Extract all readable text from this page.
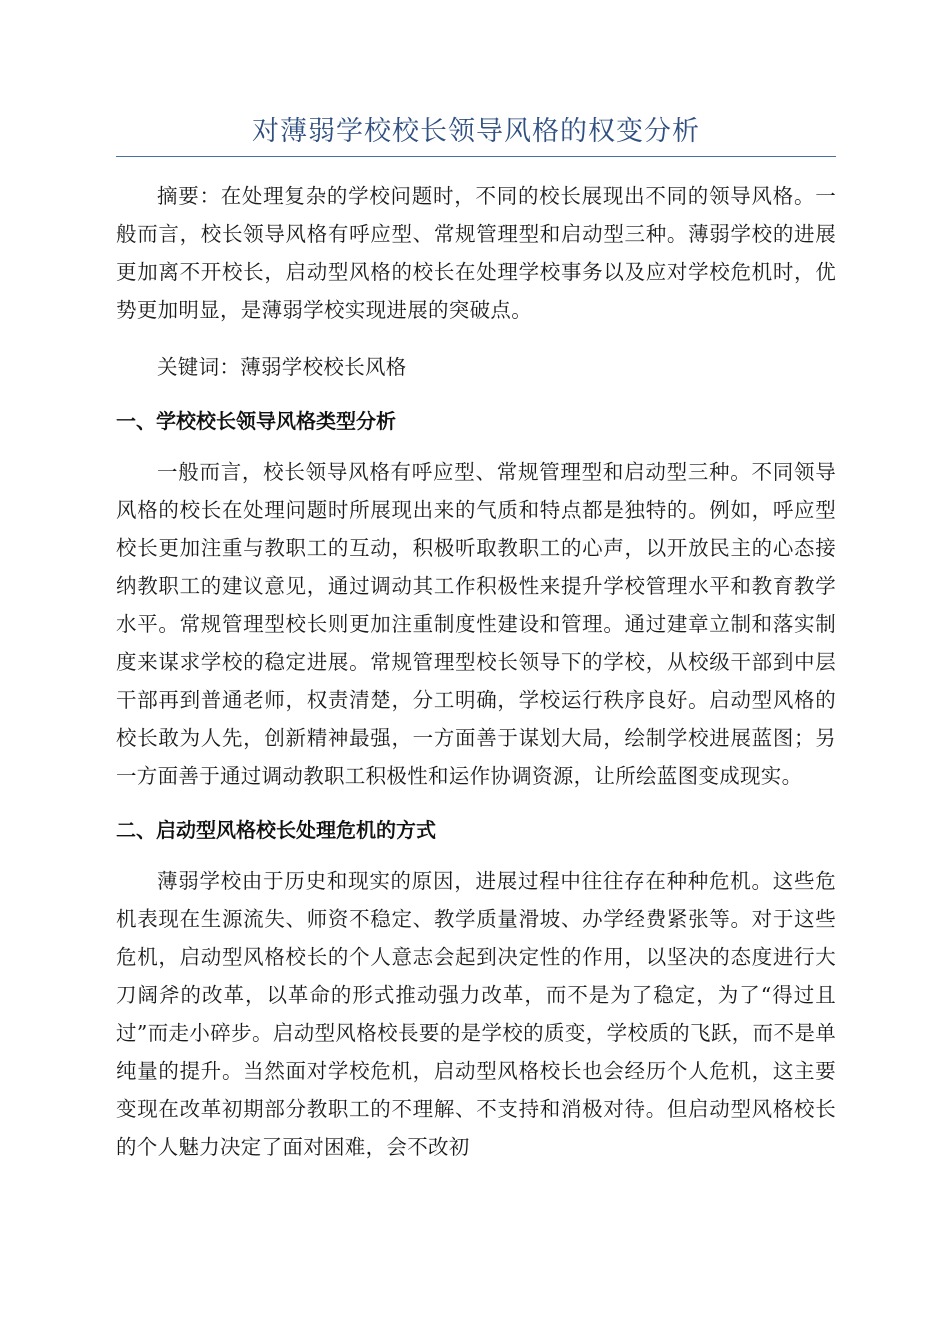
对薄弱学校校长领导风格的权变分析

摘要：在处理复杂的学校问题时，不同的校长展现出不同的领导风格。一般而言，校长领导风格有呼应型、常规管理型和启动型三种。薄弱学校的进展更加离不开校长，启动型风格的校长在处理学校事务以及应对学校危机时，优势更加明显，是薄弱学校实现进展的突破点。

关键词：薄弱学校校长风格

一、学校校长领导风格类型分析

一般而言，校长领导风格有呼应型、常规管理型和启动型三种。不同领导风格的校长在处理问题时所展现出来的气质和特点都是独特的。例如，呼应型校长更加注重与教职工的互动，积极听取教职工的心声，以开放民主的心态接纳教职工的建议意见，通过调动其工作积极性来提升学校管理水平和教育教学水平。常规管理型校长则更加注重制度性建设和管理。通过建章立制和落实制度来谋求学校的稳定进展。常规管理型校长领导下的学校，从校级干部到中层干部再到普通老师，权责清楚，分工明确，学校运行秩序良好。启动型风格的校长敢为人先，创新精神最强，一方面善于谋划大局，绘制学校进展蓝图；另一方面善于通过调动教职工积极性和运作协调资源，让所绘蓝图变成现实。

二、启动型风格校长处理危机的方式

薄弱学校由于历史和现实的原因，进展过程中往往存在种种危机。这些危机表现在生源流失、师资不稳定、教学质量滑坡、办学经费紧张等。对于这些危机，启动型风格校长的个人意志会起到决定性的作用，以坚决的态度进行大刀阔斧的改革，以革命的形式推动强力改革，而不是为了稳定，为了“得过且过”而走小碎步。启动型风格校長要的是学校的质变，学校质的飞跃，而不是单纯量的提升。当然面对学校危机，启动型风格校长也会经历个人危机，这主要变现在改革初期部分教职工的不理解、不支持和消极对待。但启动型风格校长的个人魅力决定了面对困难，会不改初
